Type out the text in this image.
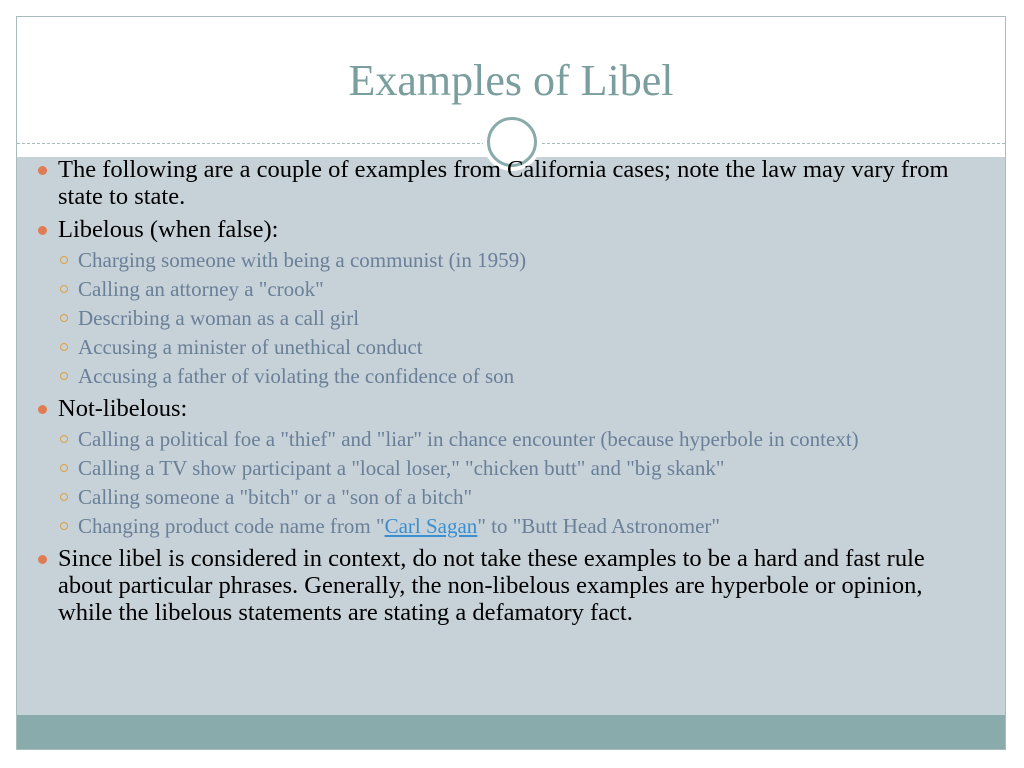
Examples of Libel
The following are a couple of examples from California cases; note the law may vary from state to state.
Libelous (when false):
Charging someone with being a communist (in 1959)
Calling an attorney a "crook"
Describing a woman as a call girl
Accusing a minister of unethical conduct
Accusing a father of violating the confidence of son
Not-libelous:
Calling a political foe a "thief" and "liar" in chance encounter (because hyperbole in context)
Calling a TV show participant a "local loser," "chicken butt" and "big skank"
Calling someone a "bitch" or a "son of a bitch"
Changing product code name from "Carl Sagan" to "Butt Head Astronomer"
Since libel is considered in context, do not take these examples to be a hard and fast rule about particular phrases. Generally, the non-libelous examples are hyperbole or opinion, while the libelous statements are stating a defamatory fact.
